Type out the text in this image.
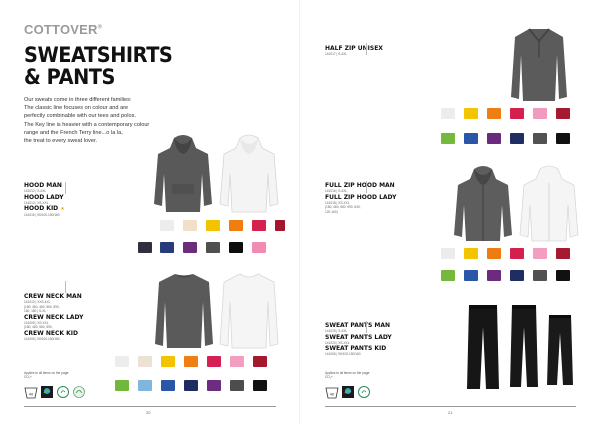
COTTOVER®
SWEATSHIRTS
& PANTS
Our sweats come in three different families:
The classic line focuses on colour and are
perfectly combinable with our tees and polos.
The Key line is heavier with a contemporary colour
range and the French Terry line...o la la,
the treat to every sweat lover.
HOOD MAN
141012 | S-4XL
HOOD LADY
141013 | XS-XXL
HOOD KID ★
141015 | 90/100-150/160

CREW NECK MAN
141010 | XXS-4XL
(180, 460, 460, 560, 590,
160, 180 | S-XL
CREW NECK LADY
141009 | XS-XXL
(180, 460, 560, 590,
CREW NECK KID
141005 | 90/100-150/160

Applies to all items on the page:
CO₂+
40
20
HALF ZIP UNISEX
141017 | S-4XL

FULL ZIP HOOD MAN
141016 | S-4XL
FULL ZIP HOOD LADY
141018 | XS-XXL
(180, 460, 560, 590, 640,
120-160)

SWEAT PANTS MAN
141019 | S-4XL
SWEAT PANTS LADY
141020 | XS-XXL
SWEAT PANTS KID
141006 | 90/100-150/160

Applies to all items on the page:
CO₂+
40
21
